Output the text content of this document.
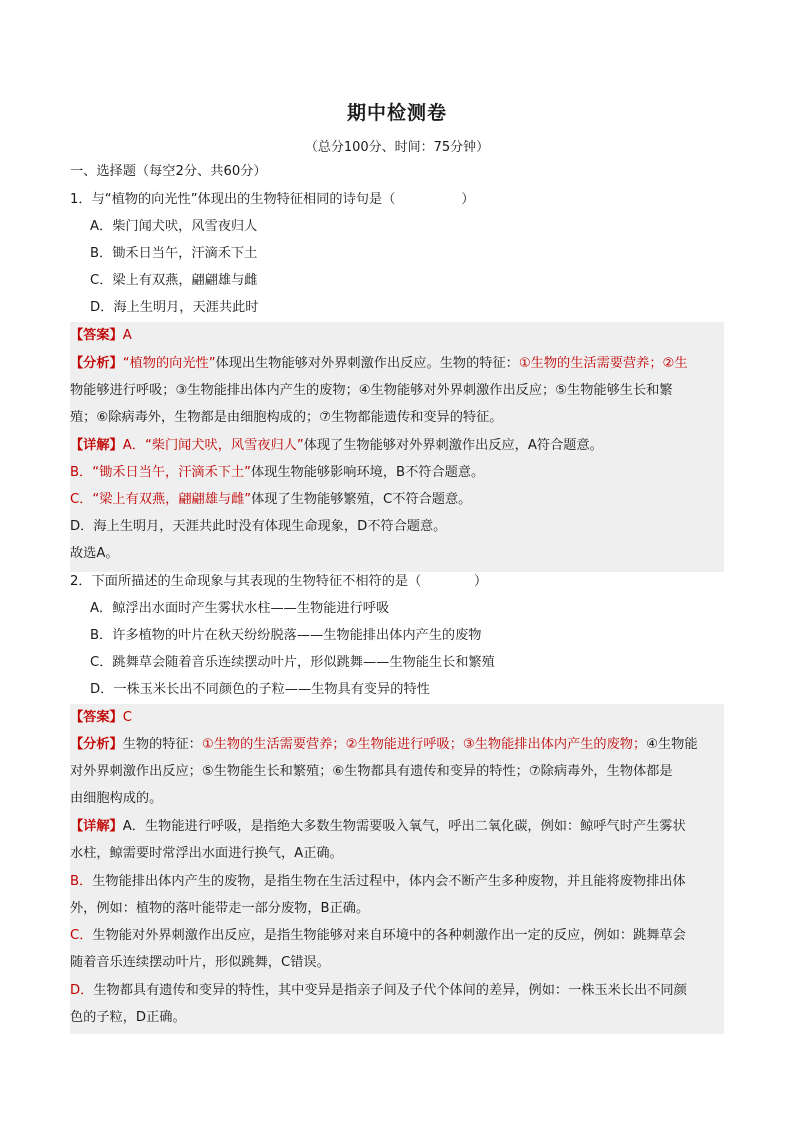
期中检测卷
（总分100分、时间：75分钟）
一、选择题（每空2分、共60分）
1．与“植物的向光性”体现出的生物特征相同的诗句是（　　　　　）
A．柴门闻犬吠，风雪夜归人
B．锄禾日当午，汗滴禾下土
C．梁上有双燕，翩翩雄与雌
D．海上生明月，天涯共此时
【答案】A
【分析】“植物的向光性”体现出生物能够对外界刺激作出反应。生物的特征：①生物的生活需要营养；②生
物能够进行呼吸；③生物能排出体内产生的废物；④生物能够对外界刺激作出反应；⑤生物能够生长和繁
殖；⑥除病毒外，生物都是由细胞构成的；⑦生物都能遗传和变异的特征。
【详解】A．“柴门闻犬吠，风雪夜归人”体现了生物能够对外界刺激作出反应，A符合题意。
B．“锄禾日当午，汗滴禾下土”体现生物能够影响环境，B不符合题意。
C．“梁上有双燕，翩翩雄与雌”体现了生物能够繁殖，C不符合题意。
D．海上生明月，天涯共此时没有体现生命现象，D不符合题意。
故选A。
2．下面所描述的生命现象与其表现的生物特征不相符的是（　　　　）
A．鲸浮出水面时产生雾状水柱——生物能进行呼吸
B．许多植物的叶片在秋天纷纷脱落——生物能排出体内产生的废物
C．跳舞草会随着音乐连续摆动叶片，形似跳舞——生物能生长和繁殖
D．一株玉米长出不同颜色的子粒——生物具有变异的特性
【答案】C
【分析】生物的特征：①生物的生活需要营养；②生物能进行呼吸；③生物能排出体内产生的废物；④生物能
对外界刺激作出反应；⑤生物能生长和繁殖；⑥生物都具有遗传和变异的特性；⑦除病毒外，生物体都是
由细胞构成的。
【详解】A．生物能进行呼吸，是指绝大多数生物需要吸入氧气，呼出二氧化碳，例如：鲸呼气时产生雾状
水柱，鲸需要时常浮出水面进行换气，A正确。
B．生物能排出体内产生的废物，是指生物在生活过程中，体内会不断产生多种废物，并且能将废物排出体
外，例如：植物的落叶能带走一部分废物，B正确。
C．生物能对外界刺激作出反应，是指生物能够对来自环境中的各种刺激作出一定的反应，例如：跳舞草会
随着音乐连续摆动叶片，形似跳舞，C错误。
D．生物都具有遗传和变异的特性，其中变异是指亲子间及子代个体间的差异，例如：一株玉米长出不同颜
色的子粒，D正确。
